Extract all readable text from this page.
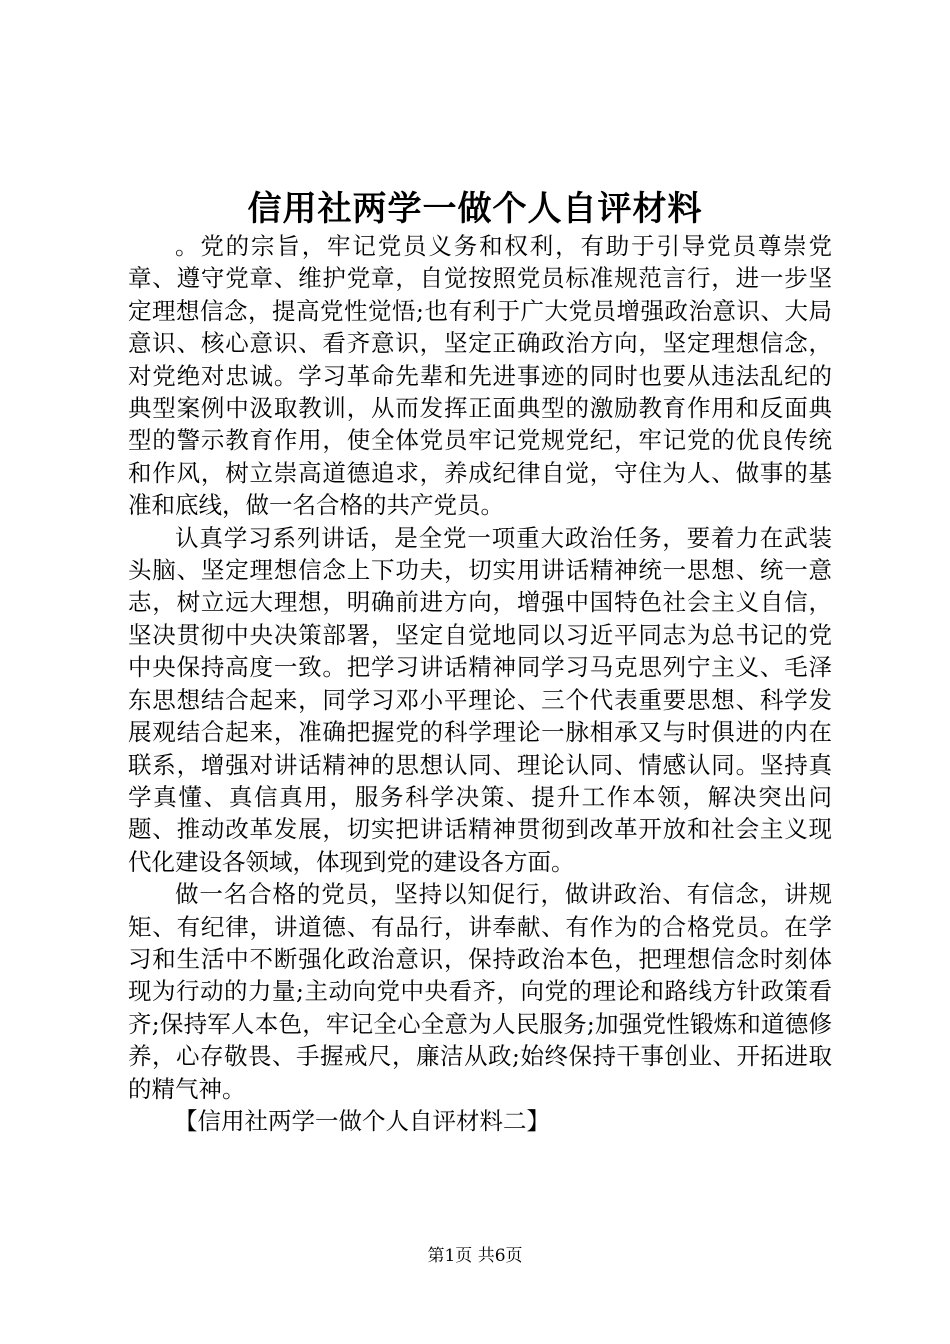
信用社两学一做个人自评材料

。党的宗旨，牢记党员义务和权利，有助于引导党员尊崇党章、遵守党章、维护党章，自觉按照党员标准规范言行，进一步坚定理想信念，提高党性觉悟;也有利于广大党员增强政治意识、大局意识、核心意识、看齐意识，坚定正确政治方向，坚定理想信念，对党绝对忠诚。学习革命先辈和先进事迹的同时也要从违法乱纪的典型案例中汲取教训，从而发挥正面典型的激励教育作用和反面典型的警示教育作用，使全体党员牢记党规党纪，牢记党的优良传统和作风，树立崇高道德追求，养成纪律自觉，守住为人、做事的基准和底线，做一名合格的共产党员。

认真学习系列讲话，是全党一项重大政治任务，要着力在武装头脑、坚定理想信念上下功夫，切实用讲话精神统一思想、统一意志，树立远大理想，明确前进方向，增强中国特色社会主义自信，坚决贯彻中央决策部署，坚定自觉地同以习近平同志为总书记的党中央保持高度一致。把学习讲话精神同学习马克思列宁主义、毛泽东思想结合起来，同学习邓小平理论、三个代表重要思想、科学发展观结合起来，准确把握党的科学理论一脉相承又与时俱进的内在联系，增强对讲话精神的思想认同、理论认同、情感认同。坚持真学真懂、真信真用，服务科学决策、提升工作本领，解决突出问题、推动改革发展，切实把讲话精神贯彻到改革开放和社会主义现代化建设各领域，体现到党的建设各方面。

做一名合格的党员，坚持以知促行，做讲政治、有信念，讲规矩、有纪律，讲道德、有品行，讲奉献、有作为的合格党员。在学习和生活中不断强化政治意识，保持政治本色，把理想信念时刻体现为行动的力量;主动向党中央看齐，向党的理论和路线方针政策看齐;保持军人本色，牢记全心全意为人民服务;加强党性锻炼和道德修养，心存敬畏、手握戒尺，廉洁从政;始终保持干事创业、开拓进取的精气神。

【信用社两学一做个人自评材料二】

第1页 共6页
